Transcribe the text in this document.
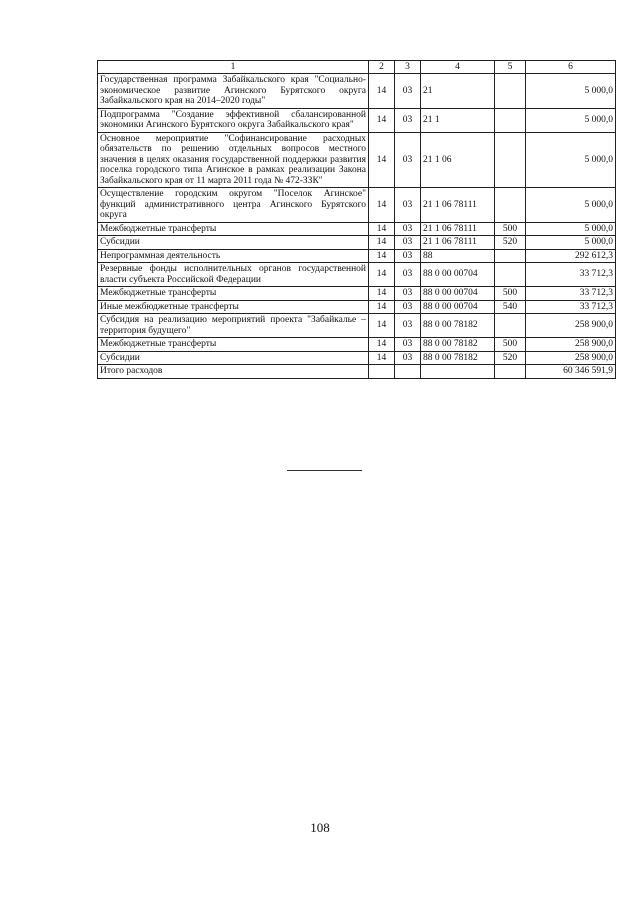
1	2	3	4	5	6
Государственная программа Забайкальского края "Социально-экономическое развитие Агинского Бурятского округа Забайкальского края на 2014–2020 годы"	14	03	21		5 000,0
Подпрограмма "Создание эффективной сбалансированной экономики Агинского Бурятского округа Забайкальского края"	14	03	21 1		5 000,0
Основное мероприятие "Софинансирование расходных обязательств по решению отдельных вопросов местного значения в целях оказания государственной поддержки развития поселка городского типа Агинское в рамках реализации Закона Забайкальского края от 11 марта 2011 года № 472-ЗЗК"	14	03	21 1 06		5 000,0
Осуществление городским округом "Поселок Агинское" функций административного центра Агинского Бурятского округа	14	03	21 1 06 78111		5 000,0
Межбюджетные трансферты	14	03	21 1 06 78111	500	5 000,0
Субсидии	14	03	21 1 06 78111	520	5 000,0
Непрограммная деятельность	14	03	88		292 612,3
Резервные фонды исполнительных органов государственной власти субъекта Российской Федерации	14	03	88 0 00 00704		33 712,3
Межбюджетные трансферты	14	03	88 0 00 00704	500	33 712,3
Иные межбюджетные трансферты	14	03	88 0 00 00704	540	33 712,3
Субсидия на реализацию мероприятий проекта "Забайкалье – территория будущего"	14	03	88 0 00 78182		258 900,0
Межбюджетные трансферты	14	03	88 0 00 78182	500	258 900,0
Субсидии	14	03	88 0 00 78182	520	258 900,0
Итого расходов					60 346 591,9
108
